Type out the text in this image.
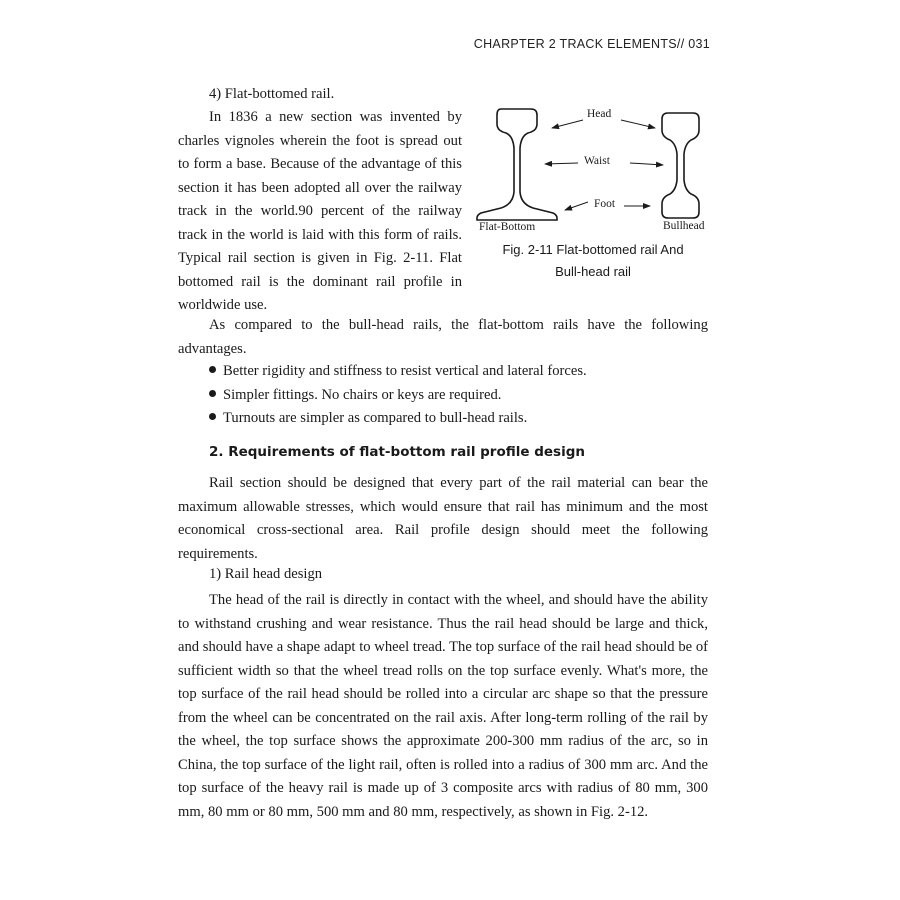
CHARPTER 2 TRACK ELEMENTS// 031

4) Flat-bottomed rail.

In 1836 a new section was invented by charles vignoles wherein the foot is spread out to form a base. Because of the advantage of this section it has been adopted all over the railway track in the world.90 percent of the railway track in the world is laid with this form of rails. Typical rail section is given in Fig. 2-11. Flat bottomed rail is the dominant rail profile in worldwide use.

Head
Waist
Foot
Flat-Bottom	Bullhead
Fig. 2-11 Flat-bottomed rail And
Bull-head rail

As compared to the bull-head rails, the flat-bottom rails have the following advantages.

Better rigidity and stiffness to resist vertical and lateral forces.
Simpler fittings. No chairs or keys are required.
Turnouts are simpler as compared to bull-head rails.

2. Requirements of flat-bottom rail profile design

Rail section should be designed that every part of the rail material can bear the maximum allowable stresses, which would ensure that rail has minimum and the most economical cross-sectional area. Rail profile design should meet the following requirements.

1) Rail head design

The head of the rail is directly in contact with the wheel, and should have the ability to withstand crushing and wear resistance. Thus the rail head should be large and thick, and should have a shape adapt to wheel tread. The top surface of the rail head should be of sufficient width so that the wheel tread rolls on the top surface evenly. What's more, the top surface of the rail head should be rolled into a circular arc shape so that the pressure from the wheel can be concentrated on the rail axis. After long-term rolling of the rail by the wheel, the top surface shows the approximate 200-300 mm radius of the arc, so in China, the top surface of the light rail, often is rolled into a radius of 300 mm arc. And the top surface of the heavy rail is made up of 3 composite arcs with radius of 80 mm, 300 mm, 80 mm or 80 mm, 500 mm and 80 mm, respectively, as shown in Fig. 2-12.
